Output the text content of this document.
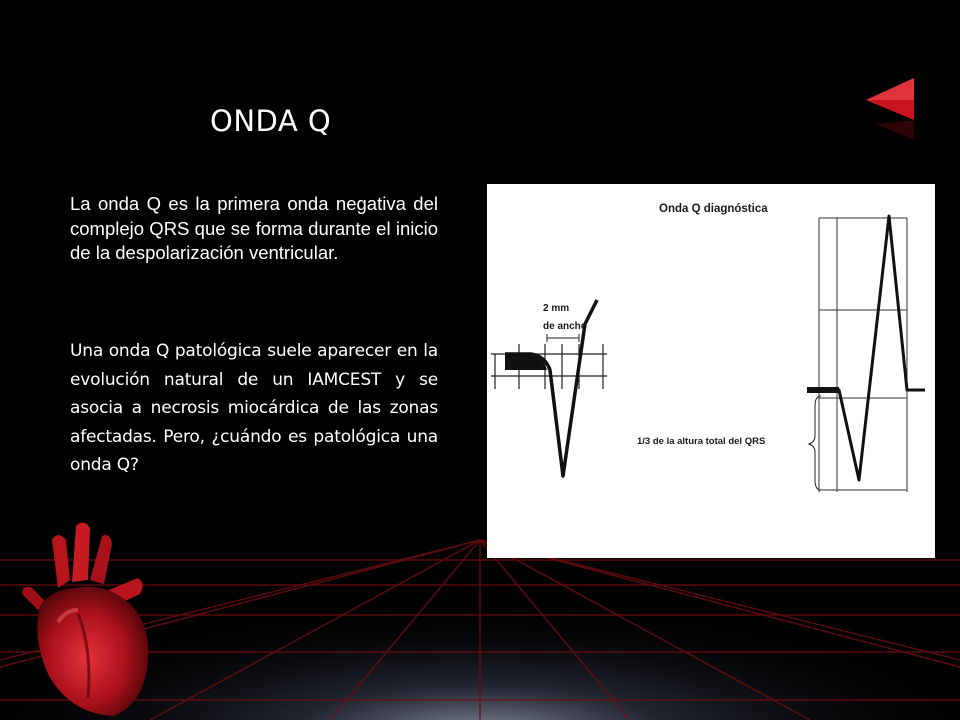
ONDA Q
La onda Q es la primera onda negativa del complejo QRS que se forma durante el inicio de la despolarización ventricular.
Una onda Q patológica suele aparecer en la evolución natural de un IAMCEST y se asocia a necrosis miocárdica de las zonas afectadas. Pero, ¿cuándo es patológica una onda Q?
Onda Q diagnóstica
2 mm
de ancho
1/3 de la altura total del QRS
